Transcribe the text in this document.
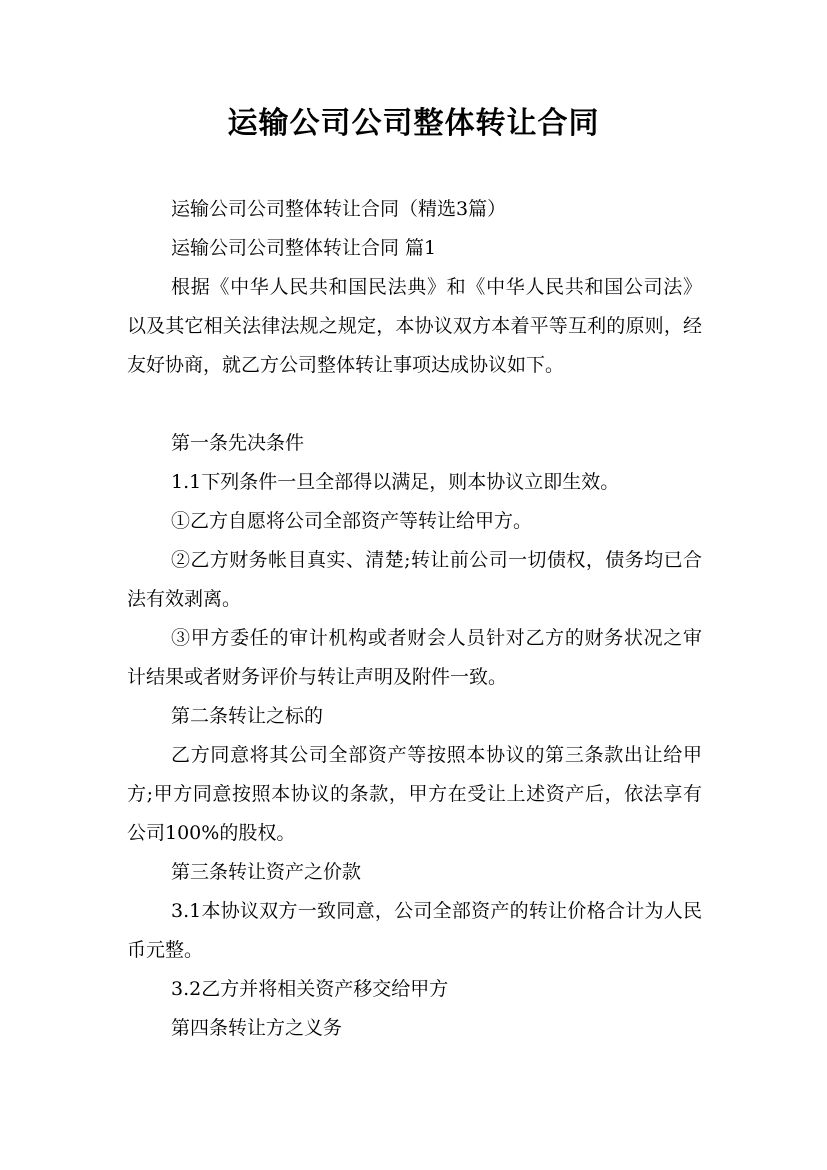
运输公司公司整体转让合同

运输公司公司整体转让合同（精选3篇）

运输公司公司整体转让合同 篇1

根据《中华人民共和国民法典》和《中华人民共和国公司法》以及其它相关法律法规之规定，本协议双方本着平等互利的原则，经友好协商，就乙方公司整体转让事项达成协议如下。

第一条先决条件

1.1下列条件一旦全部得以满足，则本协议立即生效。

①乙方自愿将公司全部资产等转让给甲方。

②乙方财务帐目真实、清楚;转让前公司一切债权，债务均已合法有效剥离。

③甲方委任的审计机构或者财会人员针对乙方的财务状况之审计结果或者财务评价与转让声明及附件一致。

第二条转让之标的

乙方同意将其公司全部资产等按照本协议的第三条款出让给甲方;甲方同意按照本协议的条款，甲方在受让上述资产后，依法享有公司100%的股权。

第三条转让资产之价款

3.1本协议双方一致同意，公司全部资产的转让价格合计为人民币元整。

3.2乙方并将相关资产移交给甲方

第四条转让方之义务
